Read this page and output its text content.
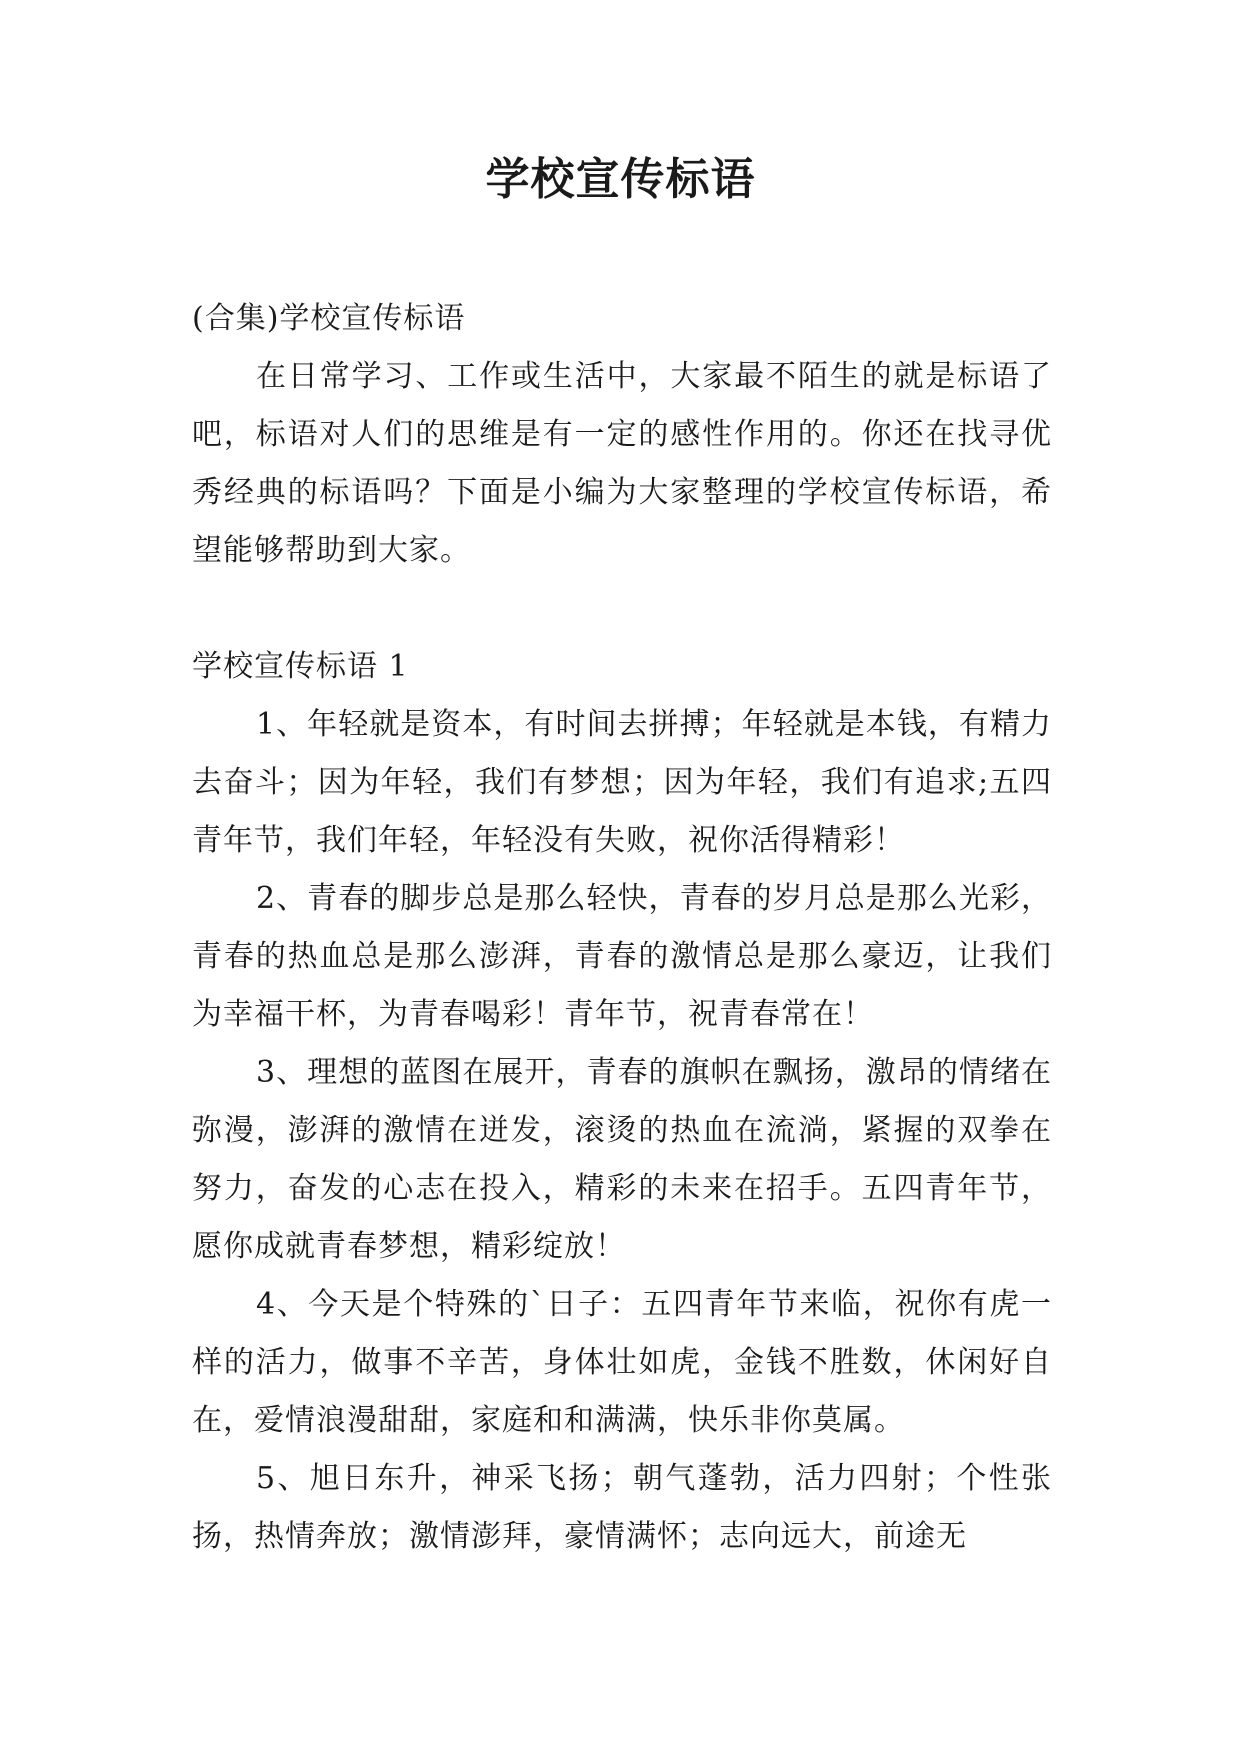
学校宣传标语

(合集)学校宣传标语

在日常学习、工作或生活中，大家最不陌生的就是标语了吧，标语对人们的思维是有一定的感性作用的。你还在找寻优秀经典的标语吗？下面是小编为大家整理的学校宣传标语，希望能够帮助到大家。

学校宣传标语 1

1、年轻就是资本，有时间去拼搏；年轻就是本钱，有精力去奋斗；因为年轻，我们有梦想；因为年轻，我们有追求;五四青年节，我们年轻，年轻没有失败，祝你活得精彩！

2、青春的脚步总是那么轻快，青春的岁月总是那么光彩，青春的热血总是那么澎湃，青春的激情总是那么豪迈，让我们为幸福干杯，为青春喝彩！青年节，祝青春常在！

3、理想的蓝图在展开，青春的旗帜在飘扬，激昂的情绪在弥漫，澎湃的激情在迸发，滚烫的热血在流淌，紧握的双拳在努力，奋发的心志在投入，精彩的未来在招手。五四青年节，愿你成就青春梦想，精彩绽放！

4、今天是个特殊的`日子：五四青年节来临，祝你有虎一样的活力，做事不辛苦，身体壮如虎，金钱不胜数，休闲好自在，爱情浪漫甜甜，家庭和和满满，快乐非你莫属。

5、旭日东升，神采飞扬；朝气蓬勃，活力四射；个性张扬，热情奔放；激情澎拜，豪情满怀；志向远大，前途无
